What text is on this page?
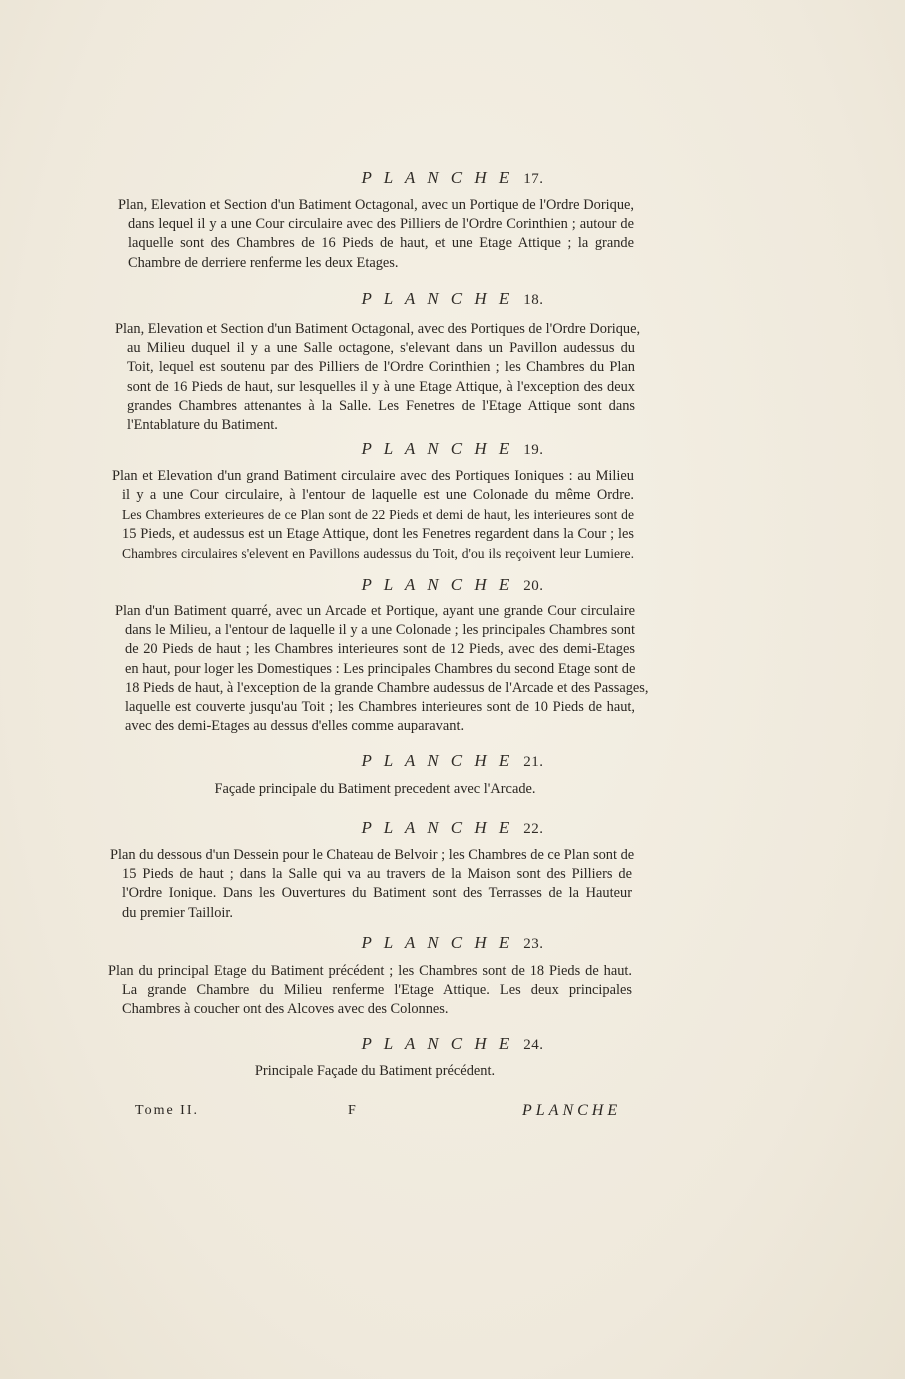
P L A N C H E 17.
Plan, Elevation et Section d'un Batiment Octagonal, avec un Portique de l'Ordre Dorique,
dans lequel il y a une Cour circulaire avec des Pilliers de l'Ordre Corinthien ; autour de
laquelle sont des Chambres de 16 Pieds de haut, et une Etage Attique ; la grande
Chambre de derriere renferme les deux Etages.
P L A N C H E 18.
Plan, Elevation et Section d'un Batiment Octagonal, avec des Portiques de l'Ordre Dorique,
au Milieu duquel il y a une Salle octagone, s'elevant dans un Pavillon audessus du
Toit, lequel est soutenu par des Pilliers de l'Ordre Corinthien ; les Chambres du Plan
sont de 16 Pieds de haut, sur lesquelles il y à une Etage Attique, à l'exception des deux
grandes Chambres attenantes à la Salle. Les Fenetres de l'Etage Attique sont dans
l'Entablature du Batiment.
P L A N C H E 19.
Plan et Elevation d'un grand Batiment circulaire avec des Portiques Ioniques : au Milieu
il y a une Cour circulaire, à l'entour de laquelle est une Colonade du même Ordre.
Les Chambres exterieures de ce Plan sont de 22 Pieds et demi de haut, les interieures sont de
15 Pieds, et audessus est un Etage Attique, dont les Fenetres regardent dans la Cour ; les
Chambres circulaires s'elevent en Pavillons audessus du Toit, d'ou ils reçoivent leur Lumiere.
P L A N C H E 20.
Plan d'un Batiment quarré, avec un Arcade et Portique, ayant une grande Cour circulaire
dans le Milieu, a l'entour de laquelle il y a une Colonade ; les principales Chambres sont
de 20 Pieds de haut ; les Chambres interieures sont de 12 Pieds, avec des demi-Etages
en haut, pour loger les Domestiques : Les principales Chambres du second Etage sont de
18 Pieds de haut, à l'exception de la grande Chambre audessus de l'Arcade et des Passages,
laquelle est couverte jusqu'au Toit ; les Chambres interieures sont de 10 Pieds de haut,
avec des demi-Etages au dessus d'elles comme auparavant.
P L A N C H E 21.
Façade principale du Batiment precedent avec l'Arcade.
P L A N C H E 22.
Plan du dessous d'un Dessein pour le Chateau de Belvoir ; les Chambres de ce Plan sont de
15 Pieds de haut ; dans la Salle qui va au travers de la Maison sont des Pilliers de
l'Ordre Ionique. Dans les Ouvertures du Batiment sont des Terrasses de la Hauteur
du premier Tailloir.
P L A N C H E 23.
Plan du principal Etage du Batiment précédent ; les Chambres sont de 18 Pieds de haut.
La grande Chambre du Milieu renferme l'Etage Attique. Les deux principales
Chambres à coucher ont des Alcoves avec des Colonnes.
P L A N C H E 24.
Principale Façade du Batiment précédent.
Tome II.	F	PLANCHE
